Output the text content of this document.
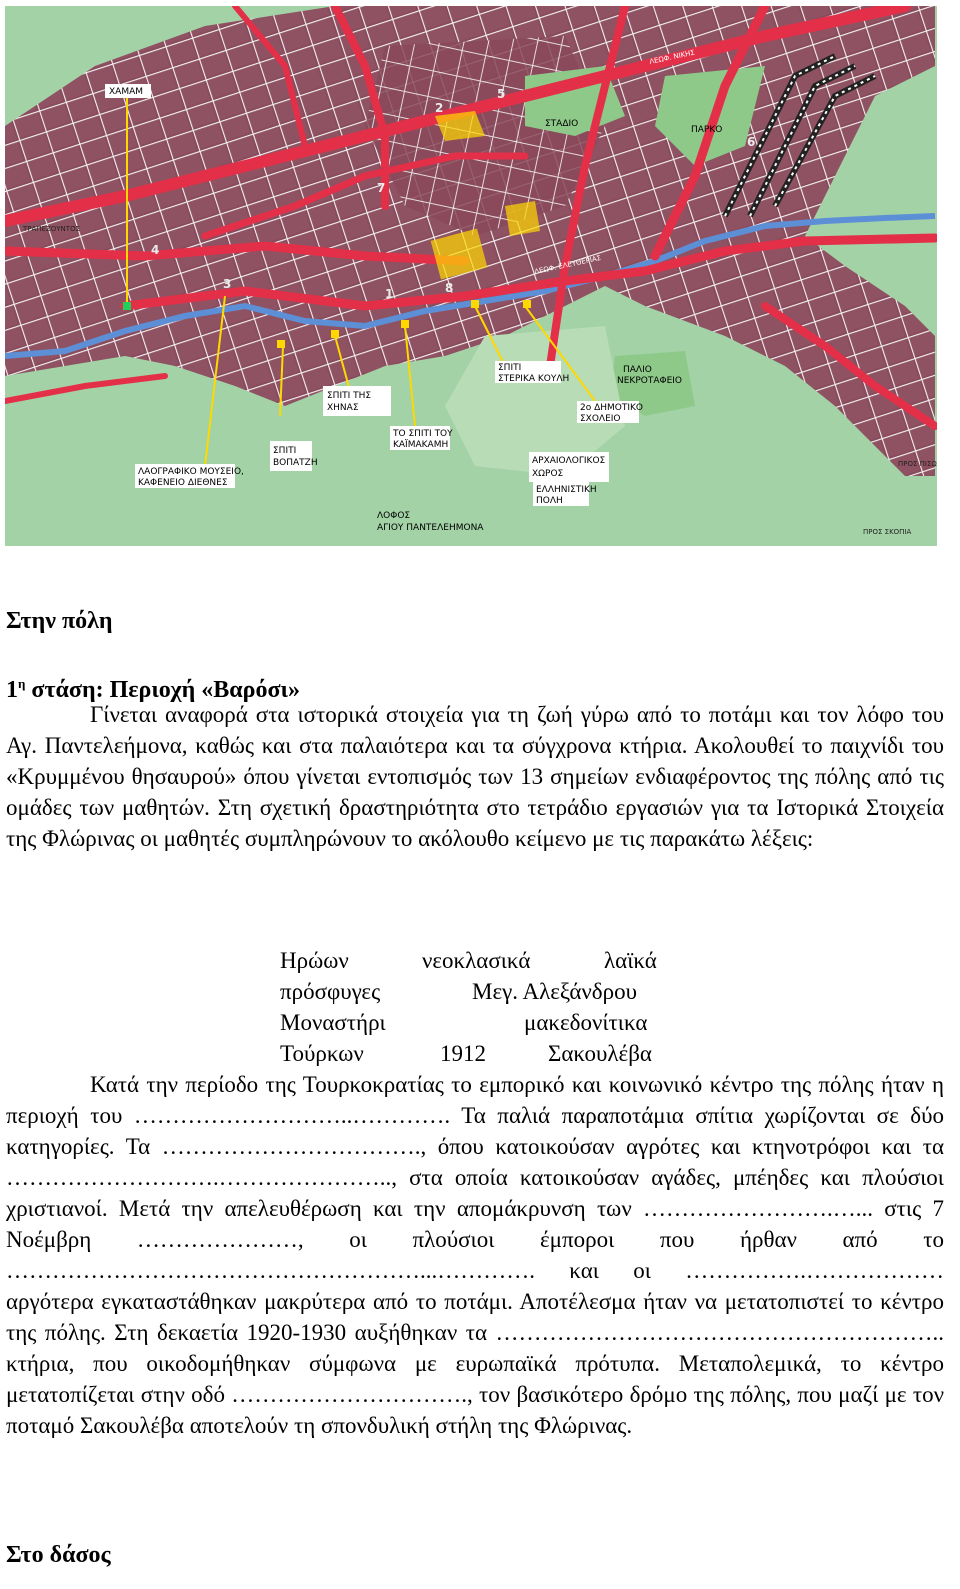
ΧΑΜΑΜ
ΣΠΙΤΙ
ΒΟΠΑΤΖΗ
ΣΠΙΤΙ ΤΗΣ
ΧΗΝΑΣ
ΤΟ ΣΠΙΤΙ ΤΟΥ
ΚΑΪΜΑΚΑΜΗ
ΣΠΙΤΙ
ΣΤΕΡΙΚΑ ΚΟΥΛΗ
2ο ΔΗΜΟΤΙΚΟ
ΣΧΟΛΕΙΟ
ΛΑΟΓΡΑΦΙΚΟ ΜΟΥΣΕΙΟ,
ΚΑΦΕΝΕΙΟ ΔΙΕΘΝΕΣ
ΑΡΧΑΙΟΛΟΓΙΚΟΣ
ΧΩΡΟΣ
ΕΛΛΗΝΙΣΤΙΚΗ
ΠΟΛΗ
ΛΟΦΟΣ
ΑΓΙΟΥ ΠΑΝΤΕΛΕΗΜΟΝΑ
ΠΑΛΙΟ
ΝΕΚΡΟΤΑΦΕΙΟ
ΠΑΡΚΟ
ΣΤΑΔΙΟ
ΛΕΩΦ. ΝΙΚΗΣ
ΛΕΩΦ. ΕΛΕΥΘΕΡΙΑΣ
ΤΡΑΠΕΖΟΥΝΤΟΣ
ΠΡΟΣ ΣΚΟΠΙΑ
ΠΡΟΣ ΠΙΣΩ
1
2
3
4
5
6
7
8
Στην πόλη
$1^\eta$ στάση: Περιοχή «Βαρόσι»

Γίνεται αναφορά στα ιστορικά στοιχεία για τη ζωή γύρω από το ποτάμι και τον λόφο του Αγ. Παντελεήμονα, καθώς και στα παλαιότερα και τα σύγχρονα κτήρια. Ακολουθεί το παιχνίδι του «Κρυμμένου θησαυρού» όπου γίνεται εντοπισμός των 13 σημείων ενδιαφέροντος της πόλης από τις ομάδες των μαθητών. Στη σχετική δραστηριότητα στο τετράδιο εργασιών για τα Ιστορικά Στοιχεία της Φλώρινας οι μαθητές συμπληρώνουν το ακόλουθο κείμενο με τις παρακάτω λέξεις:

Ηρώων	νεοκλασικά	λαϊκά
πρόσφυγες	Μεγ. Αλεξάνδρου
Μοναστήρι	μακεδονίτικα
Τούρκων	1912	Σακουλέβα

Κατά την περίοδο της Τουρκοκρατίας το εμπορικό και κοινωνικό κέντρο της πόλης ήταν η περιοχή του ………………………..…………. Τα παλιά παραποτάμια σπίτια χωρίζονται σε δύο κατηγορίες. Τα ……………………………., όπου κατοικούσαν αγρότες και κτηνοτρόφοι και τα ……………………….………………….., στα οποία κατοικούσαν αγάδες, μπέηδες και πλούσιοι χριστιανοί. Μετά την απελευθέρωση και την απομάκρυνση των …………………….…... στις 7 Νοέμβρη …………………, οι πλούσιοι έμποροι που ήρθαν από το ………………………………………………...…………. και οι …………….……………… αργότερα εγκαταστάθηκαν μακρύτερα από το ποτάμι. Αποτέλεσμα ήταν να μετατοπιστεί το κέντρο της πόλης. Στη δεκαετία 1920-1930 αυξήθηκαν τα ………………………………………………….. κτήρια, που οικοδομήθηκαν σύμφωνα με ευρωπαϊκά πρότυπα. Μεταπολεμικά, το κέντρο μετατοπίζεται στην οδό …………………………., τον βασικότερο δρόμο της πόλης, που μαζί με τον ποταμό Σακουλέβα αποτελούν τη σπονδυλική στήλη της Φλώρινας.

Στο δάσος
